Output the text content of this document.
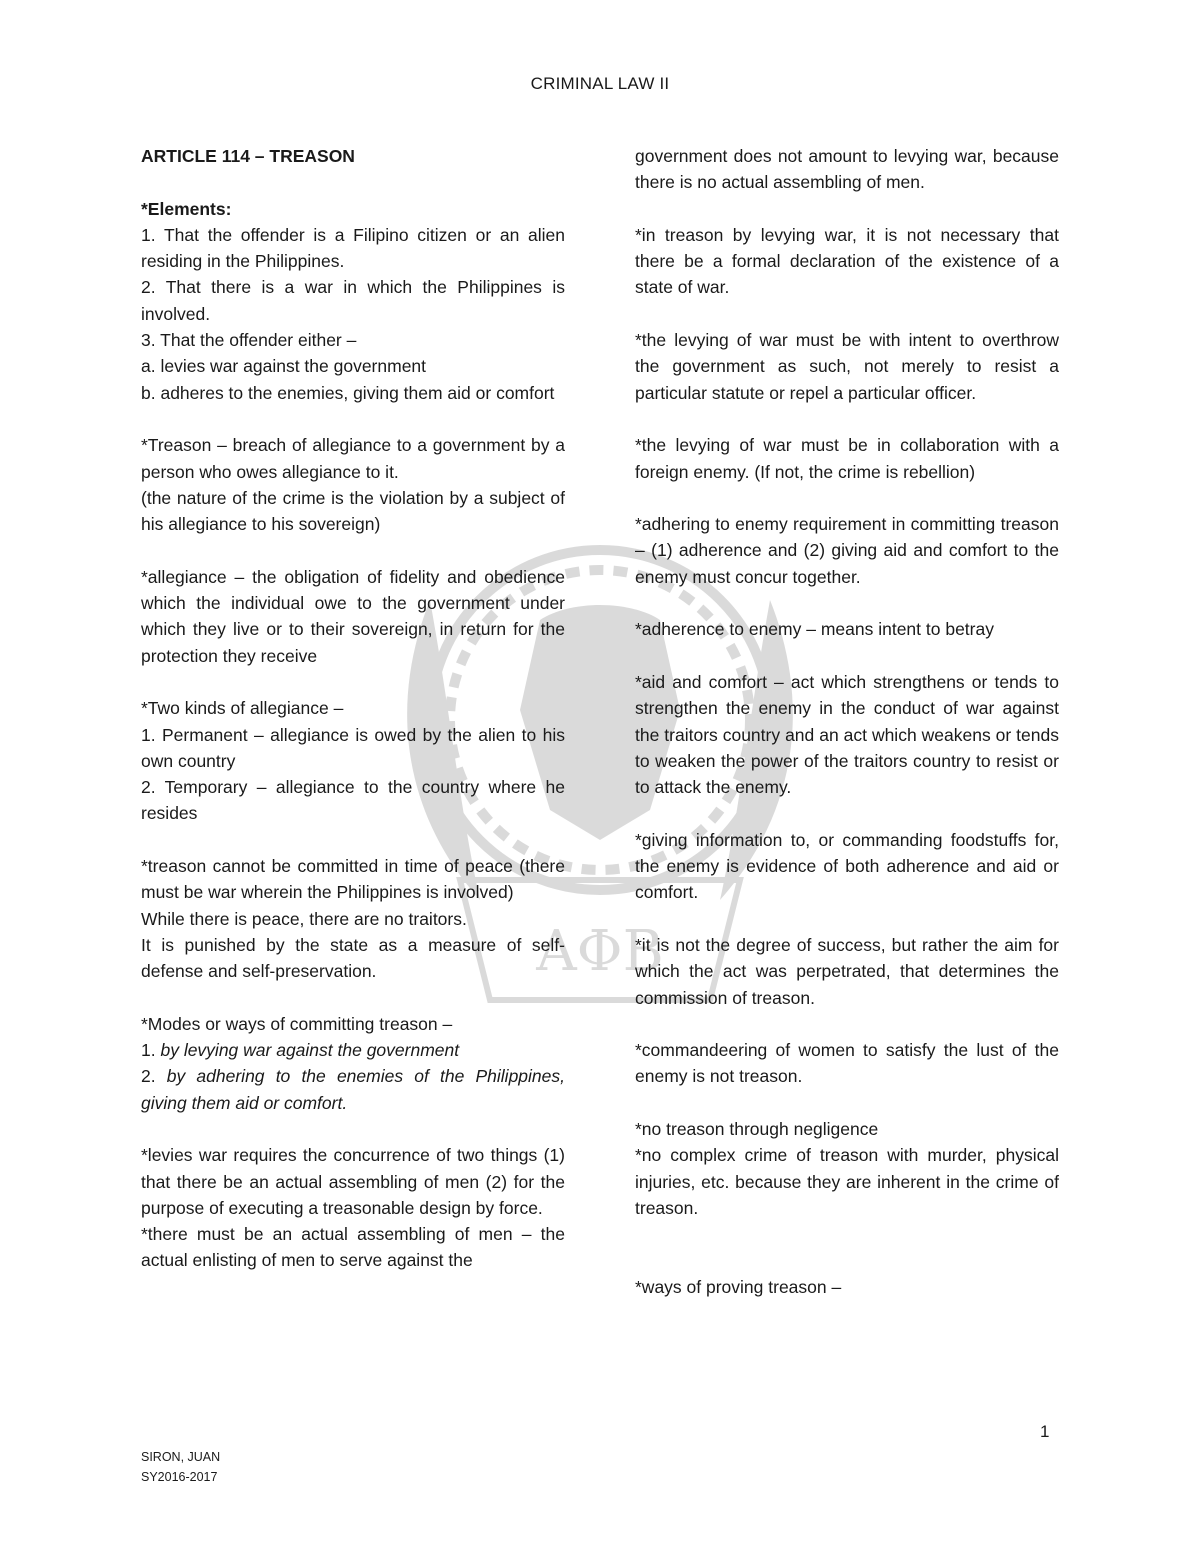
CRIMINAL LAW II
ΑΦΒ

ARTICLE 114 – TREASON

*Elements:

1. That the offender is a Filipino citizen or an alien residing in the Philippines.

2. That there is a war in which the Philippines is involved.

3. That the offender either –

a. levies war against the government

b. adheres to the enemies, giving them aid or comfort

*Treason – breach of allegiance to a government by a person who owes allegiance to it.

(the nature of the crime is the violation by a subject of his allegiance to his sovereign)

*allegiance – the obligation of fidelity and obedience which the individual owe to the government under which they live or to their sovereign, in return for the protection they receive

*Two kinds of allegiance –

1. Permanent – allegiance is owed by the alien to his own country

2. Temporary – allegiance to the country where he resides

*treason cannot be committed in time of peace (there must be war wherein the Philippines is involved)

While there is peace, there are no traitors.

It is punished by the state as a measure of self-defense and self-preservation.

*Modes or ways of committing treason –

1. by levying war against the government

2. by adhering to the enemies of the Philippines, giving them aid or comfort.

*levies war requires the concurrence of two things (1) that there be an actual assembling of men (2) for the purpose of executing a treasonable design by force.

*there must be an actual assembling of men – the actual enlisting of men to serve against the

government does not amount to levying war, because there is no actual assembling of men.

*in treason by levying war, it is not necessary that there be a formal declaration of the existence of a state of war.

*the levying of war must be with intent to overthrow the government as such, not merely to resist a particular statute or repel a particular officer.

*the levying of war must be in collaboration with a foreign enemy. (If not, the crime is rebellion)

*adhering to enemy requirement in committing treason – (1) adherence and (2) giving aid and comfort to the enemy must concur together.

*adherence to enemy – means intent to betray

*aid and comfort – act which strengthens or tends to strengthen the enemy in the conduct of war against the traitors country and an act which weakens or tends to weaken the power of the traitors country to resist or to attack the enemy.

*giving information to, or commanding foodstuffs for, the enemy is evidence of both adherence and aid or comfort.

*it is not the degree of success, but rather the aim for which the act was perpetrated, that determines the commission of treason.

*commandeering of women to satisfy the lust of the enemy is not treason.

*no treason through negligence

*no complex crime of treason with murder, physical injuries, etc. because they are inherent in the crime of treason.

*ways of proving treason –

1
SIRON, JUAN
SY2016-2017
